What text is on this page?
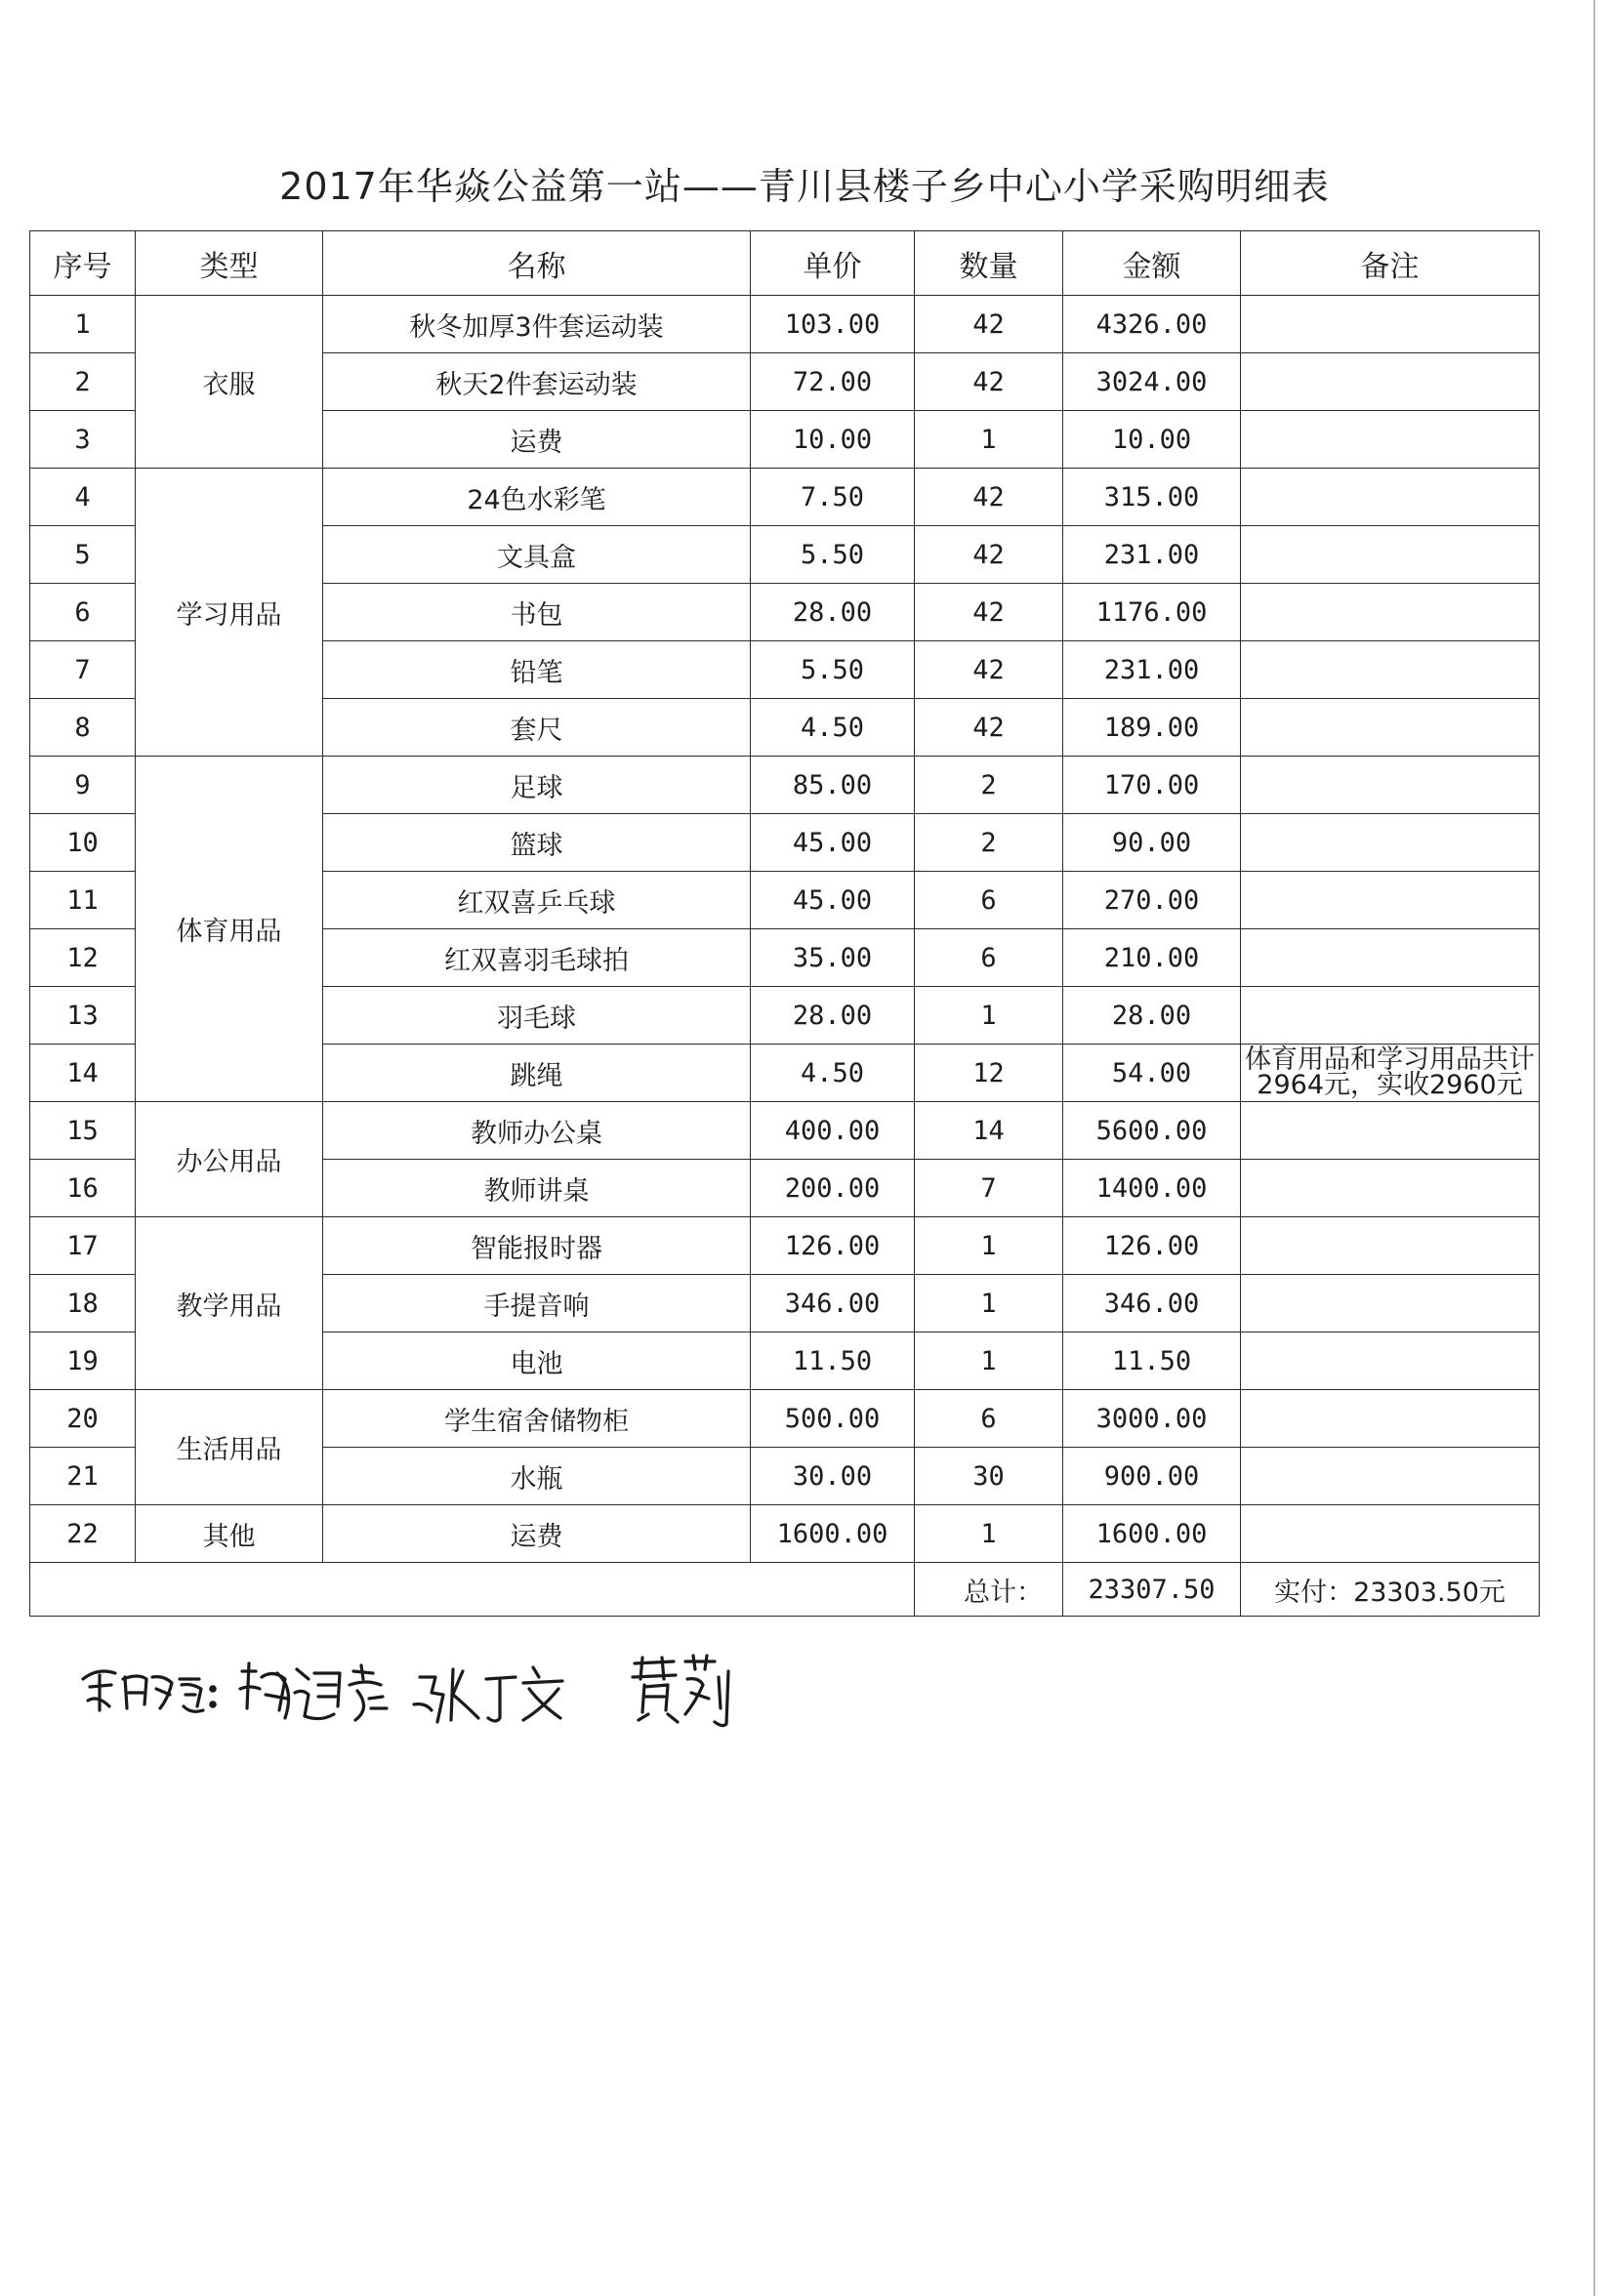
2017年华焱公益第一站——青川县楼子乡中心小学采购明细表
序号	类型	名称	单价	数量	金额	备注
1	衣服	秋冬加厚3件套运动装	103.00	42	4326.00	
2		秋天2件套运动装	72.00	42	3024.00	
3		运费	10.00	1	10.00	
4	学习用品	24色水彩笔	7.50	42	315.00	
5		文具盒	5.50	42	231.00	
6		书包	28.00	42	1176.00	
7		铅笔	5.50	42	231.00	
8		套尺	4.50	42	189.00	
9	体育用品	足球	85.00	2	170.00	
10		篮球	45.00	2	90.00	
11		红双喜乒乓球	45.00	6	270.00	
12		红双喜羽毛球拍	35.00	6	210.00	
13		羽毛球	28.00	1	28.00	
14		跳绳	4.50	12	54.00	体育用品和学习用品共计2964元，实收2960元
15	办公用品	教师办公桌	400.00	14	5600.00	
16		教师讲桌	200.00	7	1400.00	
17	教学用品	智能报时器	126.00	1	126.00	
18		手提音响	346.00	1	346.00	
19		电池	11.50	1	11.50	
20	生活用品	学生宿舍储物柜	500.00	6	3000.00	
21		水瓶	30.00	30	900.00	
22	其他	运费	1600.00	1	1600.00	
				总计：	23307.50	实付：23303.50元
